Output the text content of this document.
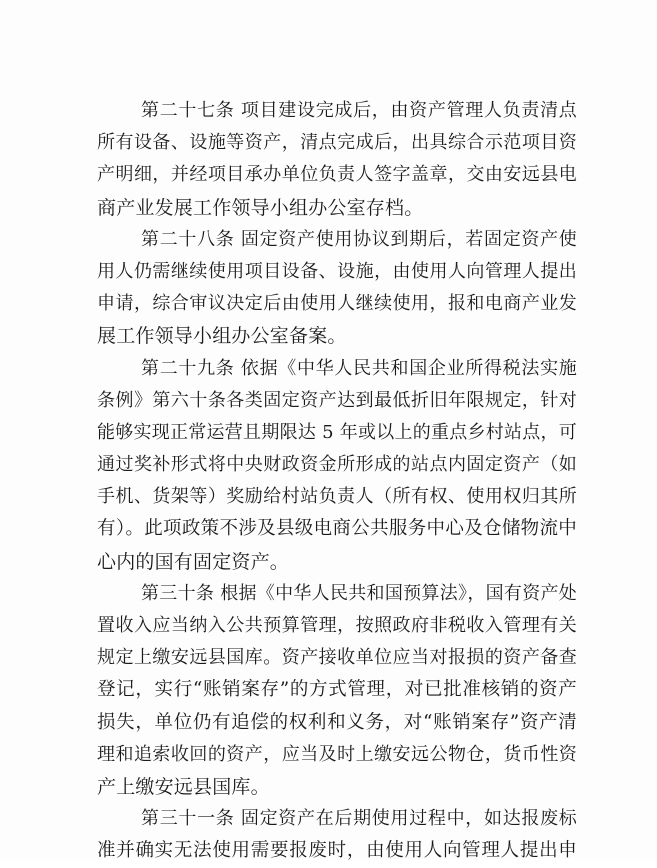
第二十七条 项目建设完成后，由资产管理人负责清点
所有设备、设施等资产，清点完成后，出具综合示范项目资
产明细，并经项目承办单位负责人签字盖章，交由安远县电
商产业发展工作领导小组办公室存档。
第二十八条 固定资产使用协议到期后，若固定资产使
用人仍需继续使用项目设备、设施，由使用人向管理人提出
申请，综合审议决定后由使用人继续使用，报和电商产业发
展工作领导小组办公室备案。
第二十九条 依据《中华人民共和国企业所得税法实施
条例》第六十条各类固定资产达到最低折旧年限规定，针对
能够实现正常运营且期限达 5 年或以上的重点乡村站点，可
通过奖补形式将中央财政资金所形成的站点内固定资产（如
手机、货架等）奖励给村站负责人（所有权、使用权归其所
有）。此项政策不涉及县级电商公共服务中心及仓储物流中
心内的国有固定资产。
第三十条 根据《中华人民共和国预算法》，国有资产处
置收入应当纳入公共预算管理，按照政府非税收入管理有关
规定上缴安远县国库。资产接收单位应当对报损的资产备查
登记，实行“账销案存”的方式管理，对已批准核销的资产
损失，单位仍有追偿的权利和义务，对“账销案存”资产清
理和追索收回的资产，应当及时上缴安远公物仓，货币性资
产上缴安远县国库。
第三十一条 固定资产在后期使用过程中，如达报废标
准并确实无法使用需要报废时，由使用人向管理人提出申
